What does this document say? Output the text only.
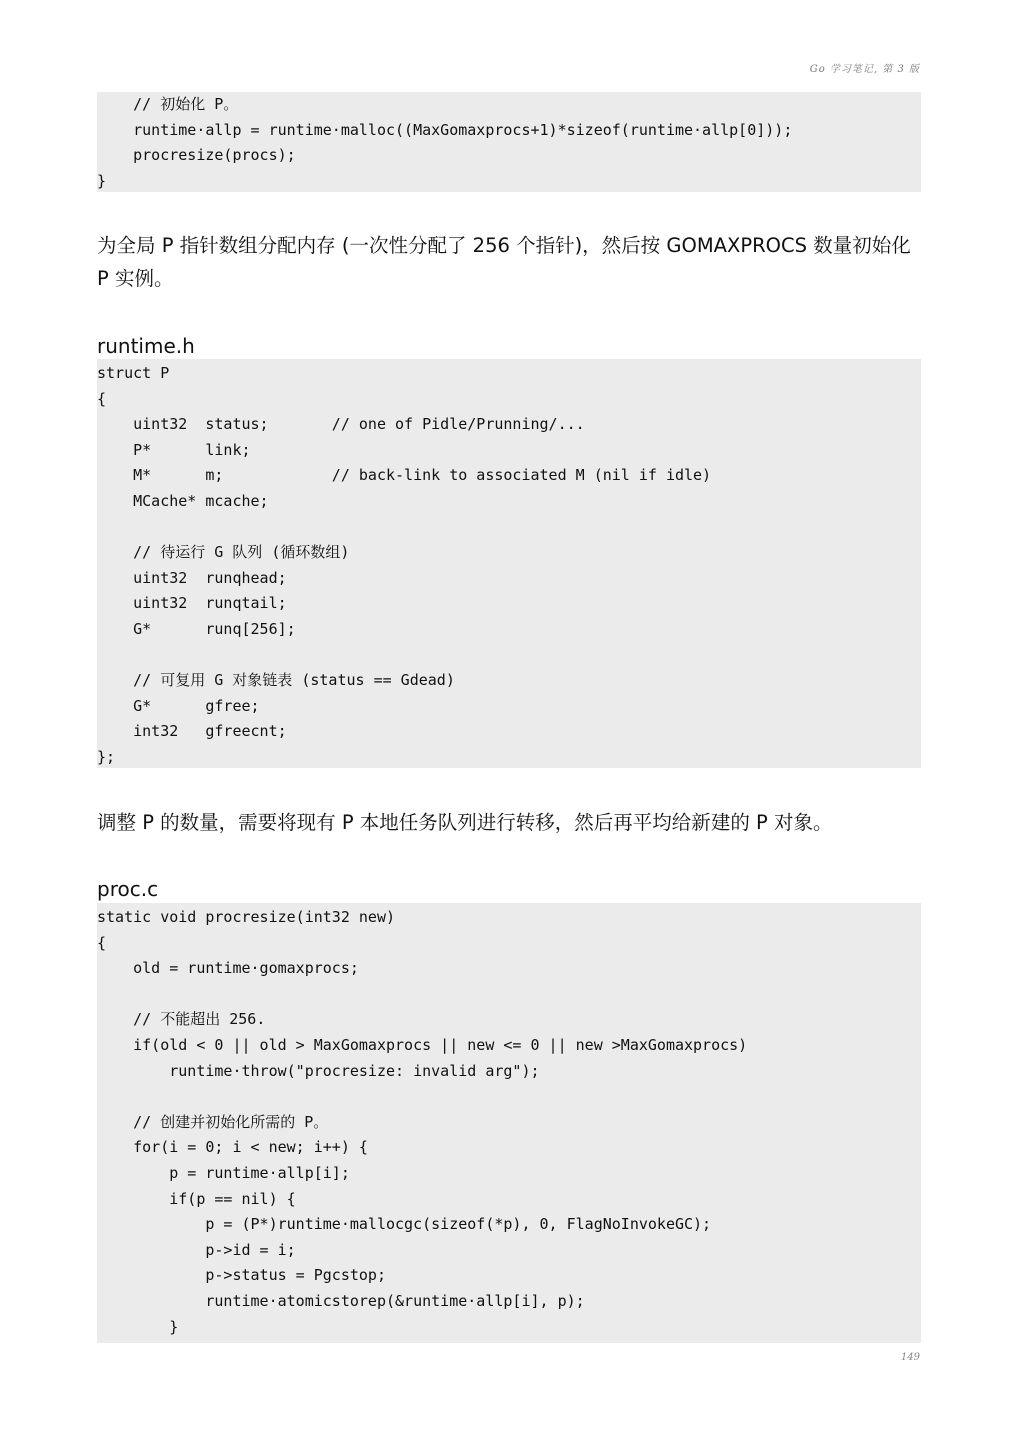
Go 学习笔记, 第 3 版
// 初始化 P。
runtime·allp = runtime·malloc((MaxGomaxprocs+1)*sizeof(runtime·allp[0]));
procresize(procs);
}

为全局 P 指针数组分配内存 (一次性分配了 256 个指针)，然后按 GOMAXPROCS 数量初始化 P 实例。

runtime.h
struct P
{
uint32  status;       // one of Pidle/Prunning/...
P*      link;
M*      m;            // back-link to associated M (nil if idle)
MCache* mcache;
// 待运行 G 队列 (循环数组)
uint32  runqhead;
uint32  runqtail;
G*      runq[256];
// 可复用 G 对象链表 (status == Gdead)
G*      gfree;
int32   gfreecnt;
};

调整 P 的数量，需要将现有 P 本地任务队列进行转移，然后再平均给新建的 P 对象。

proc.c
static void procresize(int32 new)
{
old = runtime·gomaxprocs;
// 不能超出 256.
if(old < 0 || old > MaxGomaxprocs || new <= 0 || new >MaxGomaxprocs)
runtime·throw("procresize: invalid arg");
// 创建并初始化所需的 P。
for(i = 0; i < new; i++) {
p = runtime·allp[i];
if(p == nil) {
p = (P*)runtime·mallocgc(sizeof(*p), 0, FlagNoInvokeGC);
p->id = i;
p->status = Pgcstop;
runtime·atomicstorep(&runtime·allp[i], p);
}
149
